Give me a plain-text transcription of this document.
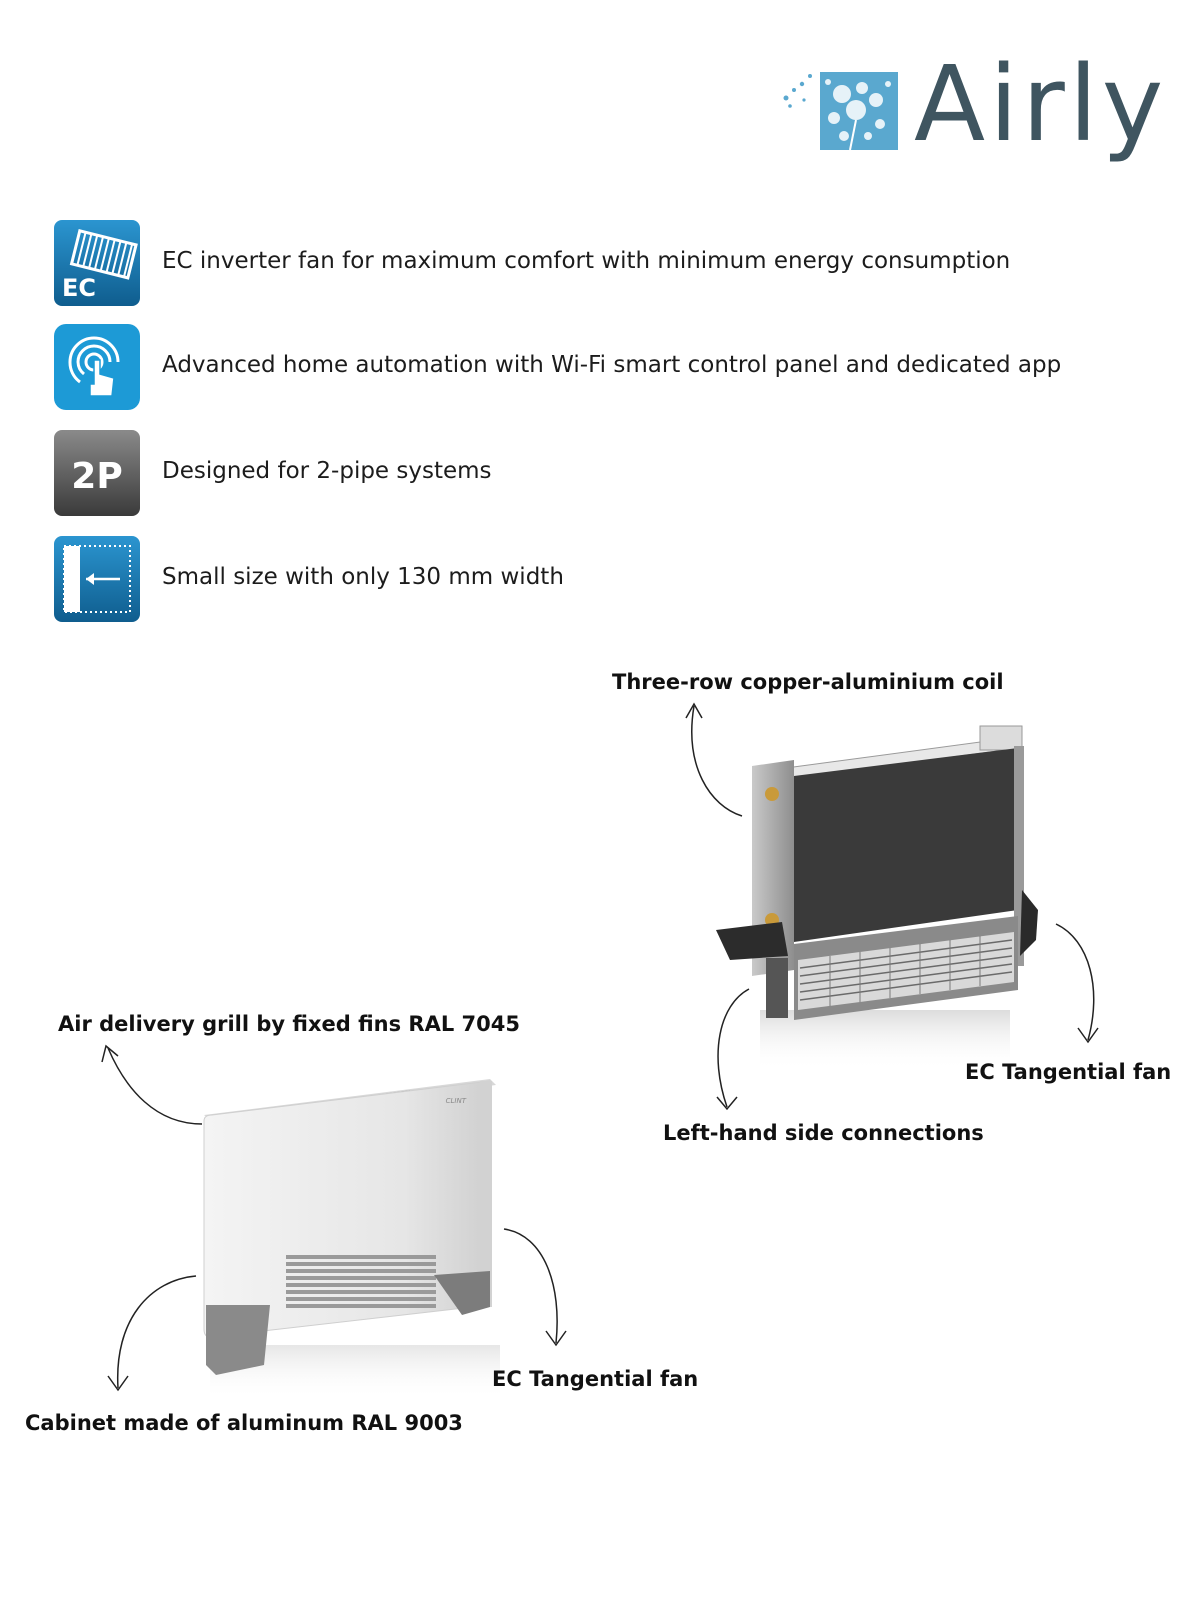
Airly
EC
EC inverter fan for maximum comfort with minimum energy consumption
Advanced home automation with Wi-Fi smart control panel and dedicated app
2P Designed for 2-pipe systems
Small size with only 130 mm width
CLINT
Three-row copper-aluminium coil
EC Tangential fan
Left-hand side connections
Air delivery grill by fixed fins RAL 7045
EC Tangential fan
Cabinet made of aluminum RAL 9003
